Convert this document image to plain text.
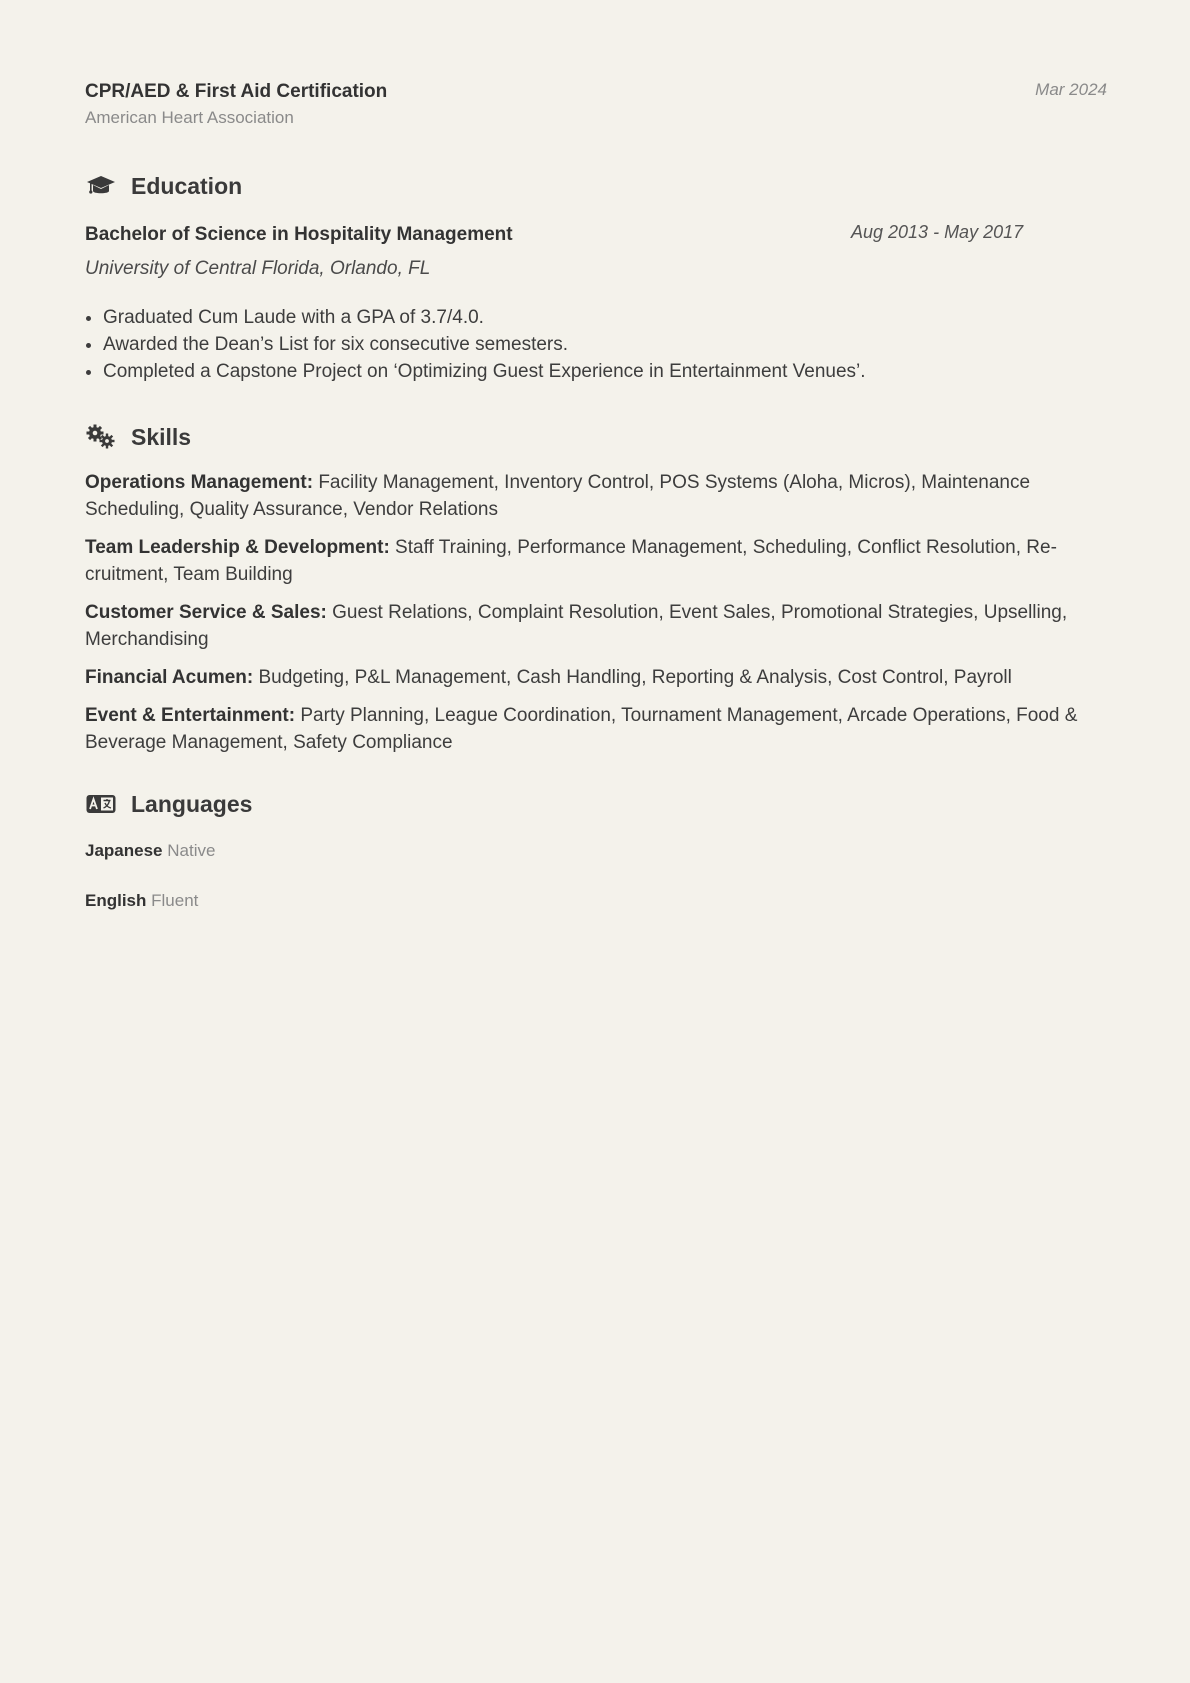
CPR/AED & First Aid Certification
American Heart Association
Mar 2024
Education
Bachelor of Science in Hospitality Management	Aug 2013 - May 2017
University of Central Florida, Orlando, FL
• Graduated Cum Laude with a GPA of 3.7/4.0.
• Awarded the Dean’s List for six consecutive semesters.
• Completed a Capstone Project on ‘Optimizing Guest Experience in Entertainment Venues’.
Skills
Operations Management: Facility Management, Inventory Control, POS Systems (Aloha, Micros), Maintenance Scheduling, Quality Assurance, Vendor Relations
Team Leadership & Development: Staff Training, Performance Management, Scheduling, Conflict Resolution, Recruitment, Team Building
Customer Service & Sales: Guest Relations, Complaint Resolution, Event Sales, Promotional Strategies, Upselling, Merchandising
Financial Acumen: Budgeting, P&L Management, Cash Handling, Reporting & Analysis, Cost Control, Payroll
Event & Entertainment: Party Planning, League Coordination, Tournament Management, Arcade Operations, Food & Beverage Management, Safety Compliance
Languages
Japanese Native
English Fluent
